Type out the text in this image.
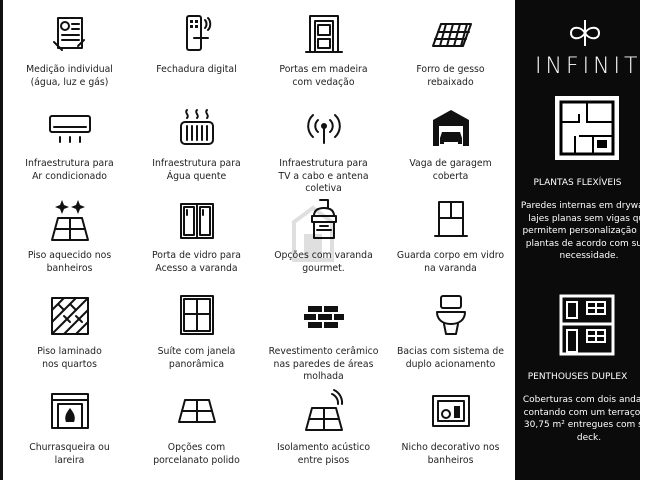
Medição individual
(água, luz e gás)
Fechadura digital	Portas em madeira
com vedação
Forro de gesso
rebaixado
Infraestrutura para
Ar condicionado
Infraestrutura para
Água quente
Infraestrutura para
TV a cabo e antena coletiva
Vaga de garagem
coberta
Piso aquecido nos
banheiros
Porta de vidro para
Acesso a varanda
Opções varanda
gourmet.
Guarda corpo em vidro
na varanda
Piso laminado
nos quartos
Suíte com janela
panorâmica
Revestimento cerâmico
nas paredes de áreas
molhada
Bacias com sistema de
duplo acionamento
Churrasqueira ou
lareira
Opções com
porcelanato polido
Isolamento acústico
entre pisos
Nicho decorativo nos
banheiros
INFINITY
PLANTAS FLEXÍVEIS
Paredes internas em drywall e
lajes planas sem vigas que
permitem personalização das
plantas de acordo com suas
necessidade.
PENTHOUSES DUPLEX
Coberturas com dois andares
contando com um terraço de
30,75 m² entregues com spa
deck.
